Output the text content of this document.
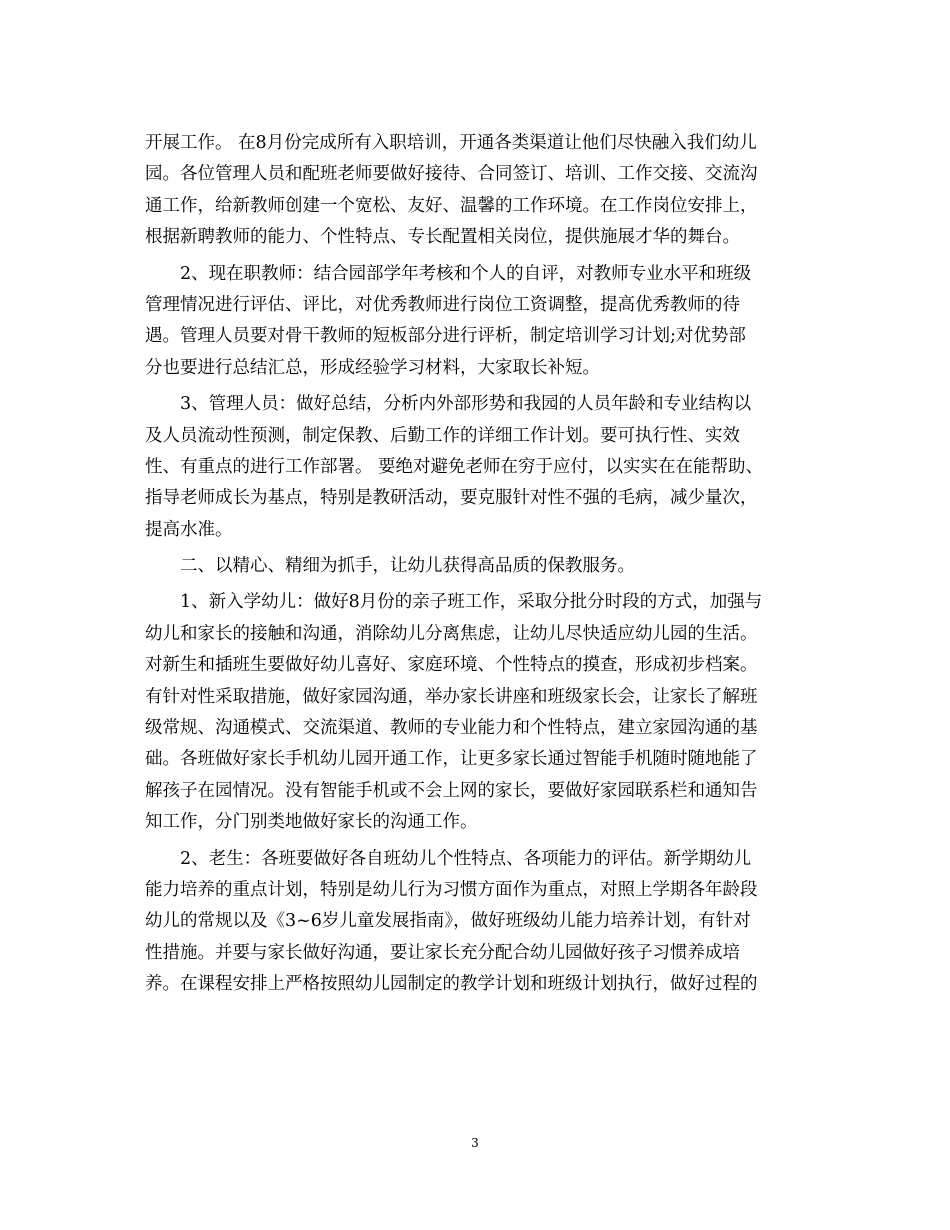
开展工作。 在8月份完成所有入职培训，开通各类渠道让他们尽快融入我们幼儿
园。各位管理人员和配班老师要做好接待、合同签订、培训、工作交接、交流沟
通工作，给新教师创建一个宽松、友好、温馨的工作环境。在工作岗位安排上，
根据新聘教师的能力、个性特点、专长配置相关岗位，提供施展才华的舞台。
　　2、现在职教师：结合园部学年考核和个人的自评，对教师专业水平和班级
管理情况进行评估、评比，对优秀教师进行岗位工资调整，提高优秀教师的待
遇。管理人员要对骨干教师的短板部分进行评析，制定培训学习计划;对优势部
分也要进行总结汇总，形成经验学习材料，大家取长补短。
　　3、管理人员：做好总结，分析内外部形势和我园的人员年龄和专业结构以
及人员流动性预测，制定保教、后勤工作的详细工作计划。要可执行性、实效
性、有重点的进行工作部署。 要绝对避免老师在穷于应付，以实实在在能帮助、
指导老师成长为基点，特别是教研活动，要克服针对性不强的毛病，减少量次，
提高水准。
　　二、以精心、精细为抓手，让幼儿获得高品质的保教服务。
　　1、新入学幼儿：做好8月份的亲子班工作，采取分批分时段的方式，加强与
幼儿和家长的接触和沟通，消除幼儿分离焦虑，让幼儿尽快适应幼儿园的生活。
对新生和插班生要做好幼儿喜好、家庭环境、个性特点的摸查，形成初步档案。
有针对性采取措施，做好家园沟通，举办家长讲座和班级家长会，让家长了解班
级常规、沟通模式、交流渠道、教师的专业能力和个性特点，建立家园沟通的基
础。各班做好家长手机幼儿园开通工作，让更多家长通过智能手机随时随地能了
解孩子在园情况。没有智能手机或不会上网的家长，要做好家园联系栏和通知告
知工作，分门别类地做好家长的沟通工作。
　　2、老生：各班要做好各自班幼儿个性特点、各项能力的评估。新学期幼儿
能力培养的重点计划，特别是幼儿行为习惯方面作为重点，对照上学期各年龄段
幼儿的常规以及《3~6岁儿童发展指南》，做好班级幼儿能力培养计划，有针对
性措施。并要与家长做好沟通，要让家长充分配合幼儿园做好孩子习惯养成培
养。在课程安排上严格按照幼儿园制定的教学计划和班级计划执行，做好过程的
3
